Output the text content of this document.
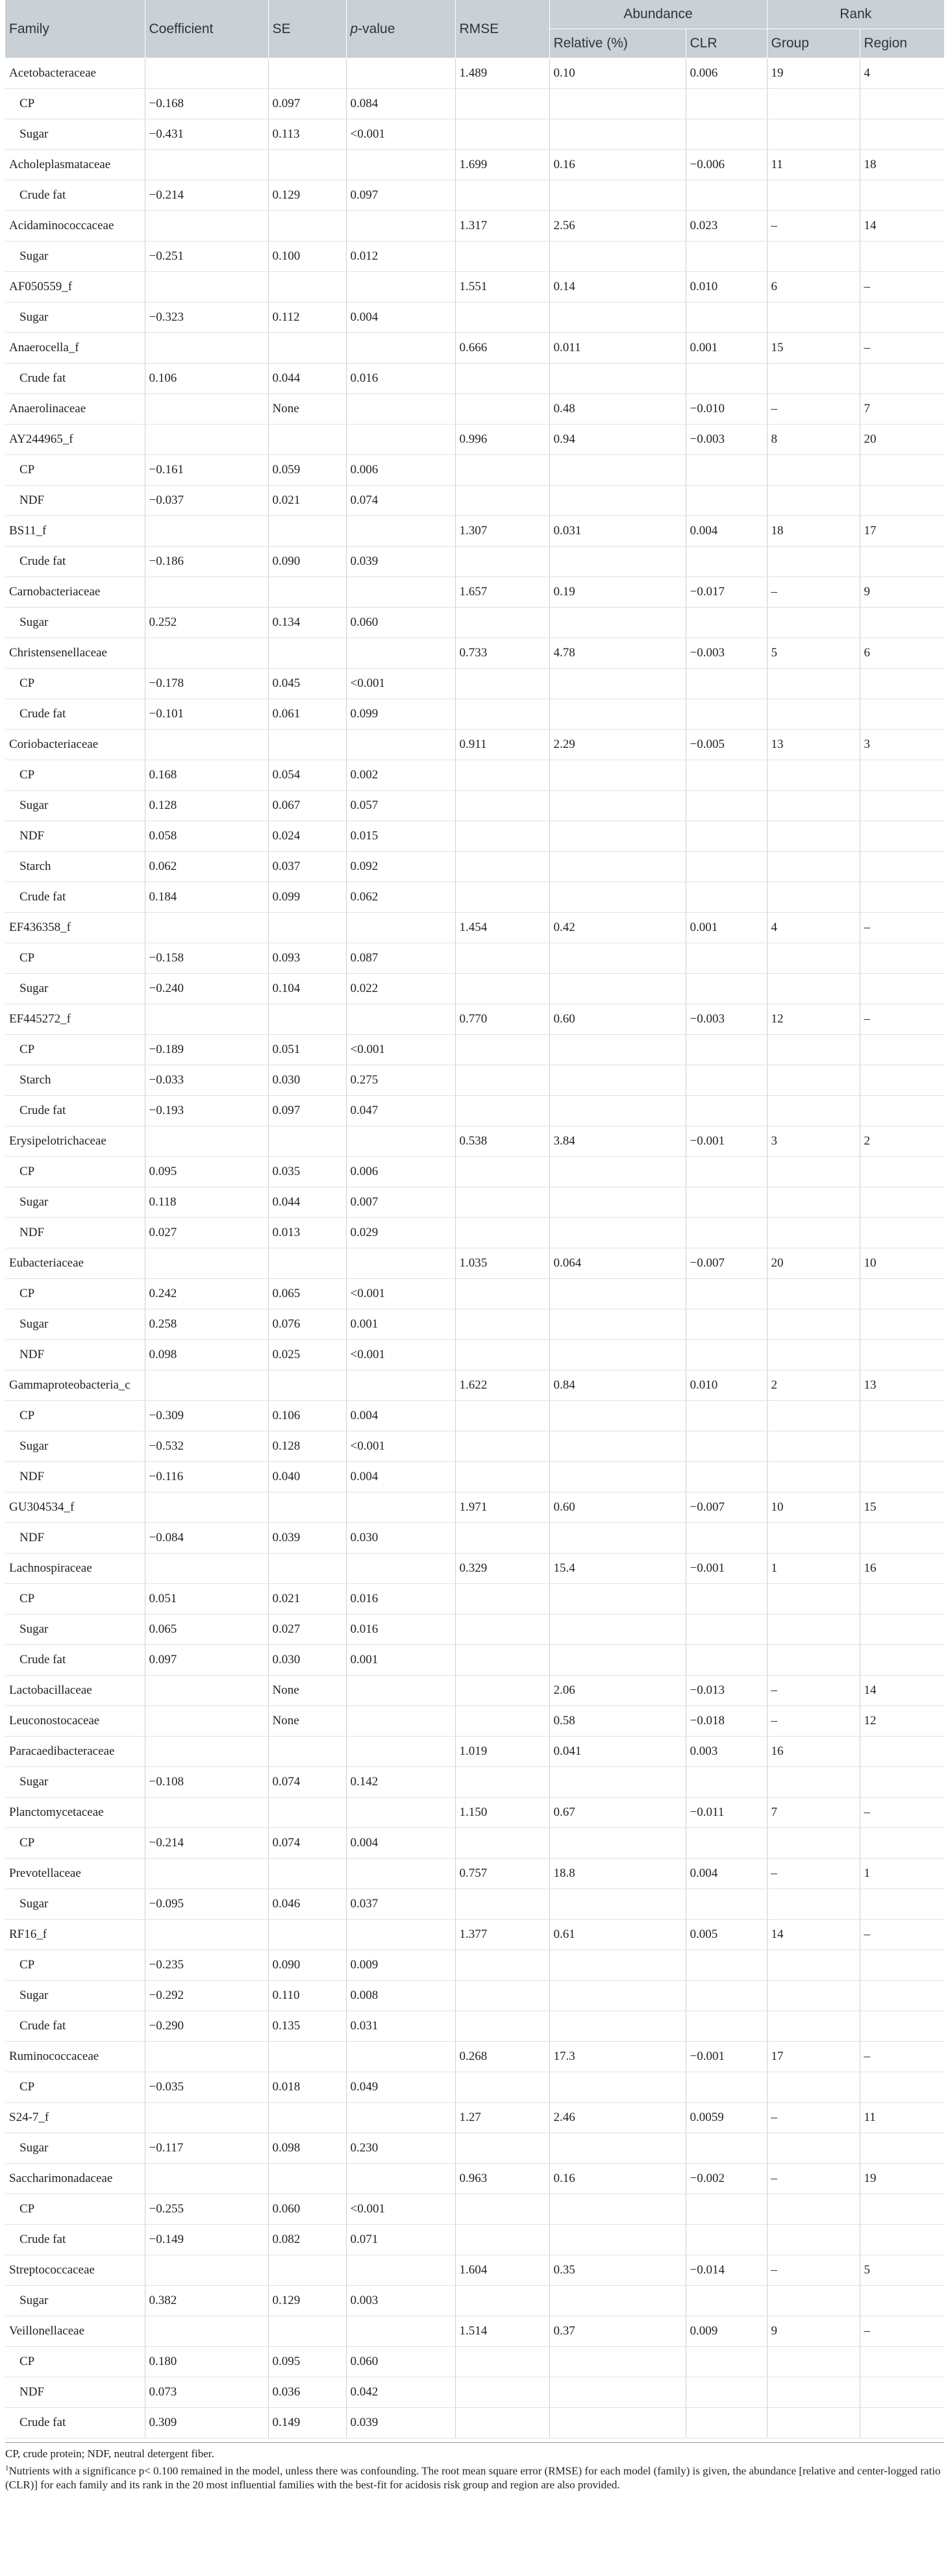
Family	Coefficient	SE	p-value	RMSE	Abundance		Rank	
					Relative (%)	CLR	Group	Region
Acetobacteraceae				1.489	0.10	0.006	19	4
CP	−0.168	0.097	0.084					
Sugar	−0.431	0.113	<0.001					
Acholeplasmataceae				1.699	0.16	−0.006	11	18
Crude fat	−0.214	0.129	0.097					
Acidaminococcaceae				1.317	2.56	0.023	–	14
Sugar	−0.251	0.100	0.012					
AF050559_f				1.551	0.14	0.010	6	–
Sugar	−0.323	0.112	0.004					
Anaerocella_f				0.666	0.011	0.001	15	–
Crude fat	0.106	0.044	0.016					
Anaerolinaceae		None			0.48	−0.010	–	7
AY244965_f				0.996	0.94	−0.003	8	20
CP	−0.161	0.059	0.006					
NDF	−0.037	0.021	0.074					
BS11_f				1.307	0.031	0.004	18	17
Crude fat	−0.186	0.090	0.039					
Carnobacteriaceae				1.657	0.19	−0.017	–	9
Sugar	0.252	0.134	0.060					
Christensenellaceae				0.733	4.78	−0.003	5	6
CP	−0.178	0.045	<0.001					
Crude fat	−0.101	0.061	0.099					
Coriobacteriaceae				0.911	2.29	−0.005	13	3
CP	0.168	0.054	0.002					
Sugar	0.128	0.067	0.057					
NDF	0.058	0.024	0.015					
Starch	0.062	0.037	0.092					
Crude fat	0.184	0.099	0.062					
EF436358_f				1.454	0.42	0.001	4	–
CP	−0.158	0.093	0.087					
Sugar	−0.240	0.104	0.022					
EF445272_f				0.770	0.60	−0.003	12	–
CP	−0.189	0.051	<0.001					
Starch	−0.033	0.030	0.275					
Crude fat	−0.193	0.097	0.047					
Erysipelotrichaceae				0.538	3.84	−0.001	3	2
CP	0.095	0.035	0.006					
Sugar	0.118	0.044	0.007					
NDF	0.027	0.013	0.029					
Eubacteriaceae				1.035	0.064	−0.007	20	10
CP	0.242	0.065	<0.001					
Sugar	0.258	0.076	0.001					
NDF	0.098	0.025	<0.001					
Gammaproteobacteria_c				1.622	0.84	0.010	2	13
CP	−0.309	0.106	0.004					
Sugar	−0.532	0.128	<0.001					
NDF	−0.116	0.040	0.004					
GU304534_f				1.971	0.60	−0.007	10	15
NDF	−0.084	0.039	0.030					
Lachnospiraceae				0.329	15.4	−0.001	1	16
CP	0.051	0.021	0.016					
Sugar	0.065	0.027	0.016					
Crude fat	0.097	0.030	0.001					
Lactobacillaceae		None			2.06	−0.013	–	14
Leuconostocaceae		None			0.58	−0.018	–	12
Paracaedibacteraceae				1.019	0.041	0.003	16	
Sugar	−0.108	0.074	0.142					
Planctomycetaceae				1.150	0.67	−0.011	7	–
CP	−0.214	0.074	0.004					
Prevotellaceae				0.757	18.8	0.004	–	1
Sugar	−0.095	0.046	0.037					
RF16_f				1.377	0.61	0.005	14	–
CP	−0.235	0.090	0.009					
Sugar	−0.292	0.110	0.008					
Crude fat	−0.290	0.135	0.031					
Ruminococcaceae				0.268	17.3	−0.001	17	–
CP	−0.035	0.018	0.049					
S24-7_f				1.27	2.46	0.0059	–	11
Sugar	−0.117	0.098	0.230					
Saccharimonadaceae				0.963	0.16	−0.002	–	19
CP	−0.255	0.060	<0.001					
Crude fat	−0.149	0.082	0.071					
Streptococcaceae				1.604	0.35	−0.014	–	5
Sugar	0.382	0.129	0.003					
Veillonellaceae				1.514	0.37	0.009	9	–
CP	0.180	0.095	0.060					
NDF	0.073	0.036	0.042					
Crude fat	0.309	0.149	0.039					

CP, crude protein; NDF, neutral detergent fiber.

$^1$Nutrients with a significance p< 0.100 remained in the model, unless there was confounding. The root mean square error (RMSE) for each model (family) is given, the abundance [relative and center-logged ratio (CLR)] for each family and its rank in the 20 most influential families with the best-fit for acidosis risk group and region are also provided.
